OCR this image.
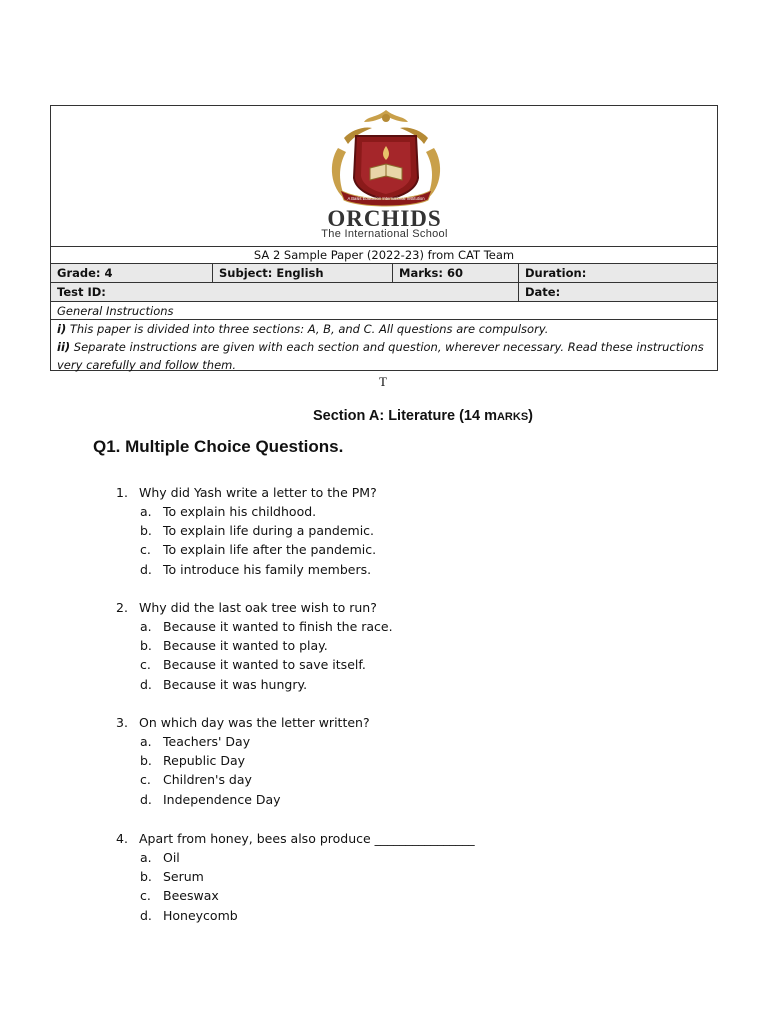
A Basis Education International Institution
ORCHIDS
The International School
SA 2 Sample Paper (2022-23) from CAT Team
Grade: 4	Subject: English	Marks: 60	Duration:
Test ID:	Date:
General Instructions
i) This paper is divided into three sections: A, B, and C. All questions are compulsory.
ii) Separate instructions are given with each section and question, wherever necessary. Read these instructions very carefully and follow them.
T
Section A: Literature (14 mARKS)
Q1. Multiple Choice Questions.
1. Why did Yash write a letter to the PM?
a. To explain his childhood.
b. To explain life during a pandemic.
c. To explain life after the pandemic.
d. To introduce his family members.
2. Why did the last oak tree wish to run?
a. Because it wanted to finish the race.
b. Because it wanted to play.
c. Because it wanted to save itself.
d. Because it was hungry.
3. On which day was the letter written?
a. Teachers' Day
b. Republic Day
c. Children's day
d. Independence Day
4. Apart from honey, bees also produce ________________
a. Oil
b. Serum
c. Beeswax
d. Honeycomb
